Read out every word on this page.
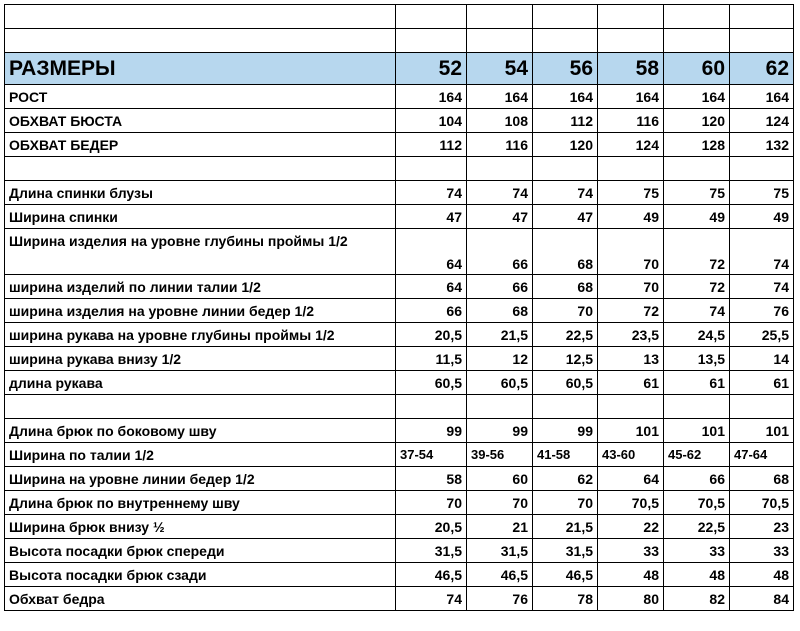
РАЗМЕРЫ	52	54	56	58	60	62
РОСТ	164	164	164	164	164	164
ОБХВАТ БЮСТА	104	108	112	116	120	124
ОБХВАТ БЕДЕР	112	116	120	124	128	132

Длина спинки блузы	74	74	74	75	75	75
Ширина спинки	47	47	47	49	49	49
Ширина изделия на уровне глубины проймы 1/2	64	66	68	70	72	74
ширина изделий по линии талии 1/2	64	66	68	70	72	74
ширина изделия на уровне линии бедер 1/2	66	68	70	72	74	76
ширина рукава на уровне глубины проймы 1/2	20,5	21,5	22,5	23,5	24,5	25,5
ширина рукава внизу 1/2	11,5	12	12,5	13	13,5	14
длина рукава	60,5	60,5	60,5	61	61	61

Длина брюк по боковому шву	99	99	99	101	101	101
Ширина по талии 1/2	37-54	39-56	41-58	43-60	45-62	47-64
Ширина на уровне линии бедер 1/2	58	60	62	64	66	68
Длина брюк по внутреннему шву	70	70	70	70,5	70,5	70,5
Ширина брюк внизу ½	20,5	21	21,5	22	22,5	23
Высота посадки брюк спереди	31,5	31,5	31,5	33	33	33
Высота посадки брюк сзади	46,5	46,5	46,5	48	48	48
Обхват бедра	74	76	78	80	82	84
